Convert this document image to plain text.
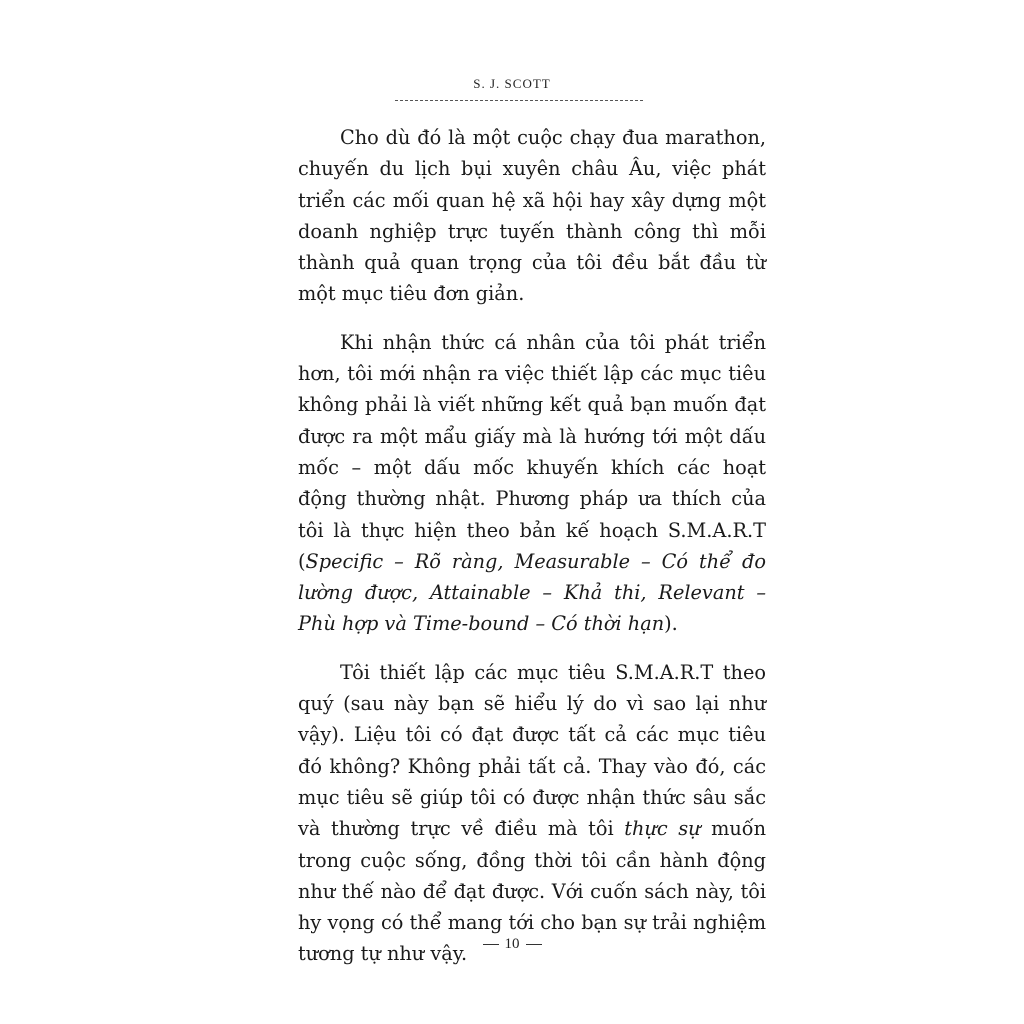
S. J. SCOTT

Cho dù đó là một cuộc chạy đua marathon, chuyến du lịch bụi xuyên châu Âu, việc phát triển các mối quan hệ xã hội hay xây dựng một doanh nghiệp trực tuyến thành công thì mỗi thành quả quan trọng của tôi đều bắt đầu từ một mục tiêu đơn giản.

Khi nhận thức cá nhân của tôi phát triển hơn, tôi mới nhận ra việc thiết lập các mục tiêu không phải là viết những kết quả bạn muốn đạt được ra một mẩu giấy mà là hướng tới một dấu mốc – một dấu mốc khuyến khích các hoạt động thường nhật. Phương pháp ưa thích của tôi là thực hiện theo bản kế hoạch S.M.A.R.T (Specific – Rõ ràng, Measurable – Có thể đo lường được, Attainable – Khả thi, Relevant – Phù hợp và Time-bound – Có thời hạn).

Tôi thiết lập các mục tiêu S.M.A.R.T theo quý (sau này bạn sẽ hiểu lý do vì sao lại như vậy). Liệu tôi có đạt được tất cả các mục tiêu đó không? Không phải tất cả. Thay vào đó, các mục tiêu sẽ giúp tôi có được nhận thức sâu sắc và thường trực về điều mà tôi thực sự muốn trong cuộc sống, đồng thời tôi cần hành động như thế nào để đạt được. Với cuốn sách này, tôi hy vọng có thể mang tới cho bạn sự trải nghiệm tương tự như vậy.	10
